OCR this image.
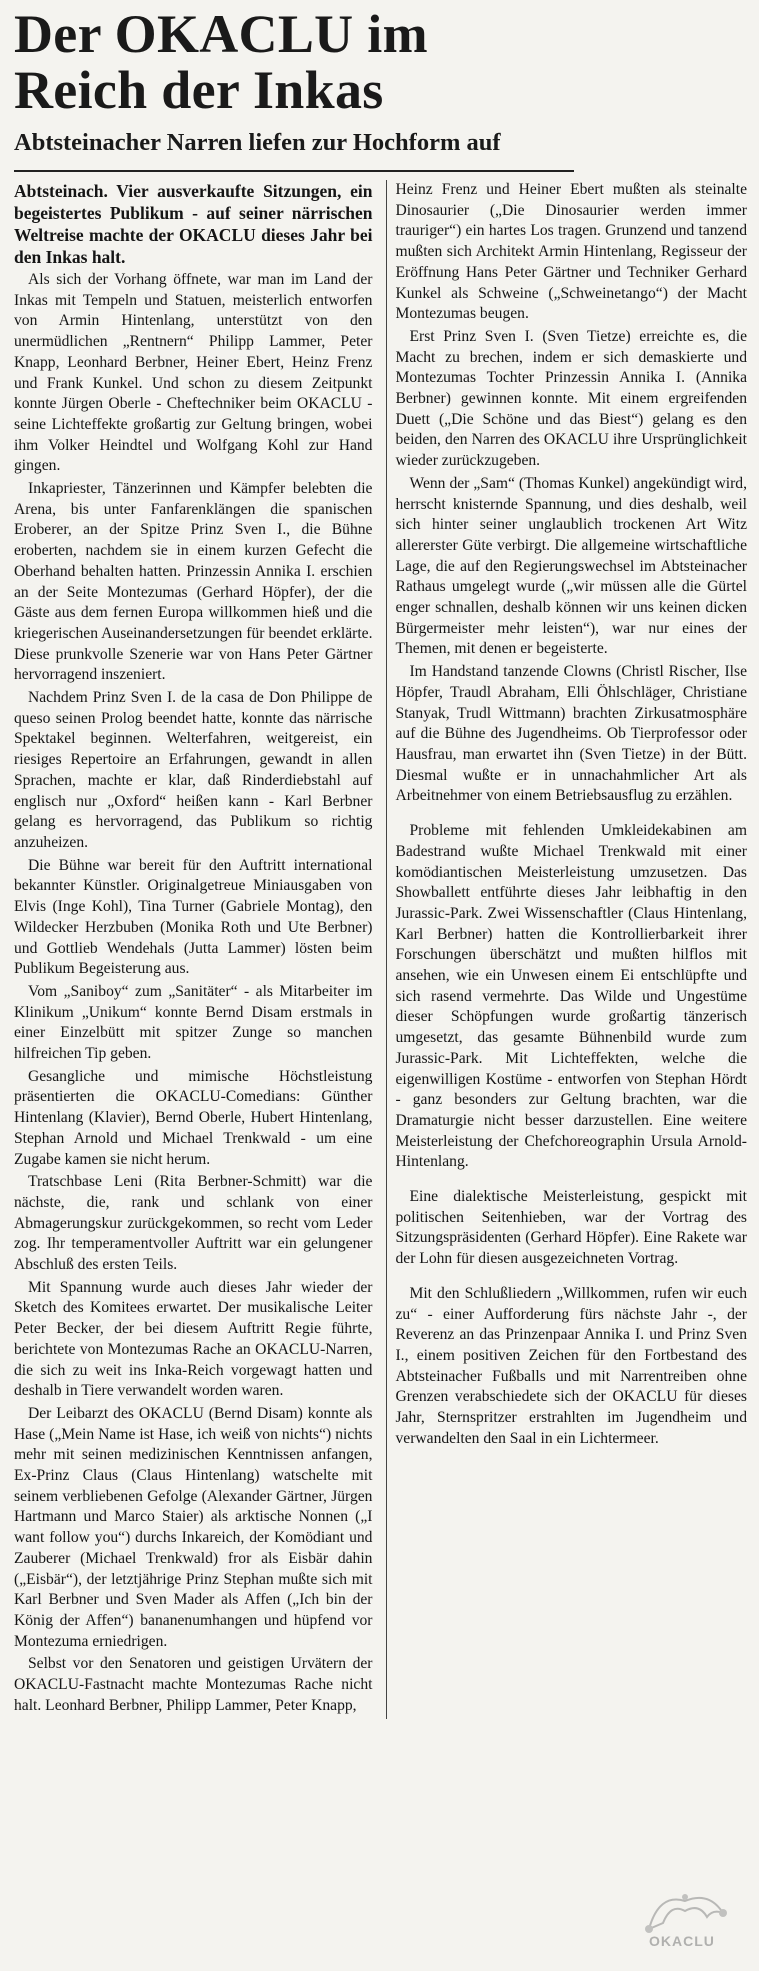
Der OKACLU im
Reich der Inkas
Abtsteinacher Narren liefen zur Hochform auf

Abtsteinach. Vier ausverkaufte Sitzungen, ein begeistertes Publikum - auf seiner närrischen Weltreise machte der OKACLU dieses Jahr bei den Inkas halt.

Als sich der Vorhang öffnete, war man im Land der Inkas mit Tempeln und Statuen, meisterlich entworfen von Armin Hintenlang, unterstützt von den unermüdlichen „Rentnern“ Philipp Lammer, Peter Knapp, Leonhard Berbner, Heiner Ebert, Heinz Frenz und Frank Kunkel. Und schon zu diesem Zeitpunkt konnte Jürgen Oberle - Cheftechniker beim OKACLU - seine Lichteffekte großartig zur Geltung bringen, wobei ihm Volker Heindtel und Wolfgang Kohl zur Hand gingen.

Inkapriester, Tänzerinnen und Kämpfer belebten die Arena, bis unter Fanfarenklängen die spanischen Eroberer, an der Spitze Prinz Sven I., die Bühne eroberten, nachdem sie in einem kurzen Gefecht die Oberhand behalten hatten. Prinzessin Annika I. erschien an der Seite Montezumas (Gerhard Höpfer), der die Gäste aus dem fernen Europa willkommen hieß und die kriegerischen Auseinandersetzungen für beendet erklärte. Diese prunkvolle Szenerie war von Hans Peter Gärtner hervorragend inszeniert.

Nachdem Prinz Sven I. de la casa de Don Philippe de queso seinen Prolog beendet hatte, konnte das närrische Spektakel beginnen. Welterfahren, weitgereist, ein riesiges Repertoire an Erfahrungen, gewandt in allen Sprachen, machte er klar, daß Rinderdiebstahl auf englisch nur „Oxford“ heißen kann - Karl Berbner gelang es hervorragend, das Publikum so richtig anzuheizen.

Die Bühne war bereit für den Auftritt international bekannter Künstler. Originalgetreue Miniausgaben von Elvis (Inge Kohl), Tina Turner (Gabriele Montag), den Wildecker Herzbuben (Monika Roth und Ute Berbner) und Gottlieb Wendehals (Jutta Lammer) lösten beim Publikum Begeisterung aus.

Vom „Saniboy“ zum „Sanitäter“ - als Mitarbeiter im Klinikum „Unikum“ konnte Bernd Disam erstmals in einer Einzelbütt mit spitzer Zunge so manchen hilfreichen Tip geben.

Gesangliche und mimische Höchstleistung präsentierten die OKACLU-Comedians: Günther Hintenlang (Klavier), Bernd Oberle, Hubert Hintenlang, Stephan Arnold und Michael Trenkwald - um eine Zugabe kamen sie nicht herum.

Tratschbase Leni (Rita Berbner-Schmitt) war die nächste, die, rank und schlank von einer Abmagerungskur zurückgekommen, so recht vom Leder zog. Ihr temperamentvoller Auftritt war ein gelungener Abschluß des ersten Teils.

Mit Spannung wurde auch dieses Jahr wieder der Sketch des Komitees erwartet. Der musikalische Leiter Peter Becker, der bei diesem Auftritt Regie führte, berichtete von Montezumas Rache an OKACLU-Narren, die sich zu weit ins Inka-Reich vorgewagt hatten und deshalb in Tiere verwandelt worden waren.

Der Leibarzt des OKACLU (Bernd Disam) konnte als Hase („Mein Name ist Hase, ich weiß von nichts“) nichts mehr mit seinen medizinischen Kenntnissen anfangen, Ex-Prinz Claus (Claus Hintenlang) watschelte mit seinem verbliebenen Gefolge (Alexander Gärtner, Jürgen Hartmann und Marco Staier) als arktische Nonnen („I want follow you“) durchs Inkareich, der Komödiant und Zauberer (Michael Trenkwald) fror als Eisbär dahin („Eisbär“), der letztjährige Prinz Stephan mußte sich mit Karl Berbner und Sven Mader als Affen („Ich bin der König der Affen“) bananenumhangen und hüpfend vor Montezuma erniedrigen.

Selbst vor den Senatoren und geistigen Urvätern der OKACLU-Fastnacht machte Montezumas Rache nicht halt. Leonhard Berbner, Philipp Lammer, Peter Knapp,

Heinz Frenz und Heiner Ebert mußten als steinalte Dinosaurier („Die Dinosaurier werden immer trauriger“) ein hartes Los tragen. Grunzend und tanzend mußten sich Architekt Armin Hintenlang, Regisseur der Eröffnung Hans Peter Gärtner und Techniker Gerhard Kunkel als Schweine („Schweinetango“) der Macht Montezumas beugen.

Erst Prinz Sven I. (Sven Tietze) erreichte es, die Macht zu brechen, indem er sich demaskierte und Montezumas Tochter Prinzessin Annika I. (Annika Berbner) gewinnen konnte. Mit einem ergreifenden Duett („Die Schöne und das Biest“) gelang es den beiden, den Narren des OKACLU ihre Ursprünglichkeit wieder zurückzugeben.

Wenn der „Sam“ (Thomas Kunkel) angekündigt wird, herrscht knisternde Spannung, und dies deshalb, weil sich hinter seiner unglaublich trockenen Art Witz allererster Güte verbirgt. Die allgemeine wirtschaftliche Lage, die auf den Regierungswechsel im Abtsteinacher Rathaus umgelegt wurde („wir müssen alle die Gürtel enger schnallen, deshalb können wir uns keinen dicken Bürgermeister mehr leisten“), war nur eines der Themen, mit denen er begeisterte.

Im Handstand tanzende Clowns (Christl Rischer, Ilse Höpfer, Traudl Abraham, Elli Öhlschläger, Christiane Stanyak, Trudl Wittmann) brachten Zirkusatmosphäre auf die Bühne des Jugendheims. Ob Tierprofessor oder Hausfrau, man erwartet ihn (Sven Tietze) in der Bütt. Diesmal wußte er in unnachahmlicher Art als Arbeitnehmer von einem Betriebsausflug zu erzählen.

Probleme mit fehlenden Umkleidekabinen am Badestrand wußte Michael Trenkwald mit einer komödiantischen Meisterleistung umzusetzen. Das Showballett entführte dieses Jahr leibhaftig in den Jurassic-Park. Zwei Wissenschaftler (Claus Hintenlang, Karl Berbner) hatten die Kontrollierbarkeit ihrer Forschungen überschätzt und mußten hilflos mit ansehen, wie ein Unwesen einem Ei entschlüpfte und sich rasend vermehrte. Das Wilde und Ungestüme dieser Schöpfungen wurde großartig tänzerisch umgesetzt, das gesamte Bühnenbild wurde zum Jurassic-Park. Mit Lichteffekten, welche die eigenwilligen Kostüme - entworfen von Stephan Hördt - ganz besonders zur Geltung brachten, war die Dramaturgie nicht besser darzustellen. Eine weitere Meisterleistung der Chefchoreographin Ursula Arnold-Hintenlang.

Eine dialektische Meisterleistung, gespickt mit politischen Seitenhieben, war der Vortrag des Sitzungspräsidenten (Gerhard Höpfer). Eine Rakete war der Lohn für diesen ausgezeichneten Vortrag.

Mit den Schlußliedern „Willkommen, rufen wir euch zu“ - einer Aufforderung fürs nächste Jahr -, der Reverenz an das Prinzenpaar Annika I. und Prinz Sven I., einem positiven Zeichen für den Fortbestand des Abtsteinacher Fußballs und mit Narrentreiben ohne Grenzen verabschiedete sich der OKACLU für dieses Jahr, Sternspritzer erstrahlten im Jugendheim und verwandelten den Saal in ein Lichtermeer.

OKACLU
